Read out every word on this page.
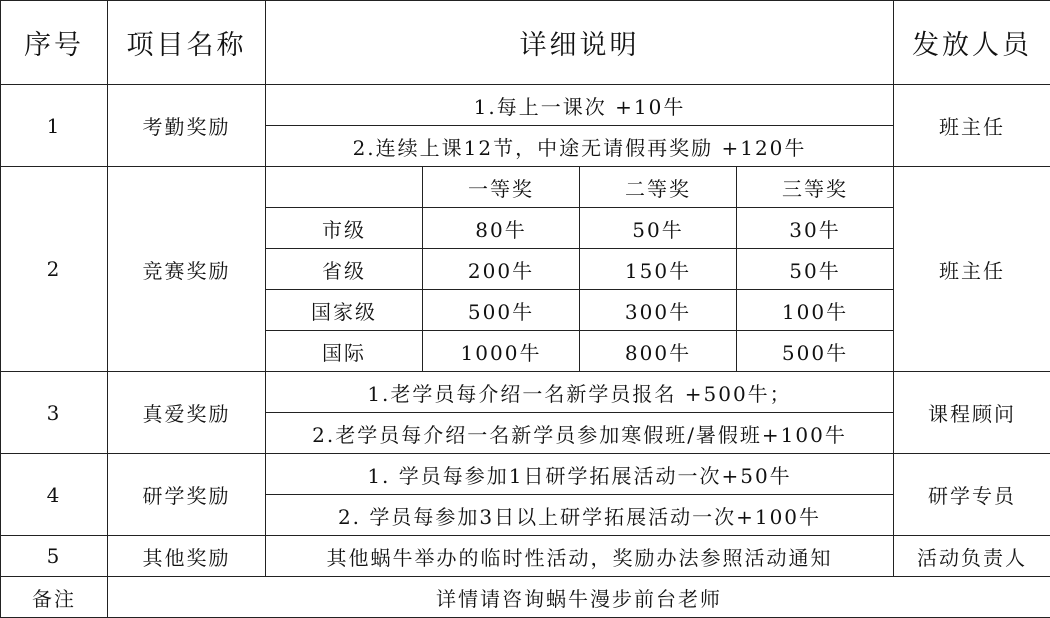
序号	项目名称	详细说明				发放人员
1	考勤奖励	1.每上一课次 +10牛				班主任
		2.连续上课12节，中途无请假再奖励 +120牛				
2	竞赛奖励		一等奖	二等奖	三等奖	班主任
		市级	80牛	50牛	30牛	
		省级	200牛	150牛	50牛	
		国家级	500牛	300牛	100牛	
		国际	1000牛	800牛	500牛	
3	真爱奖励	1.老学员每介绍一名新学员报名 +500牛；				课程顾问
		2.老学员每介绍一名新学员参加寒假班/暑假班+100牛				
4	研学奖励	1. 学员每参加1日研学拓展活动一次+50牛				研学专员
		2. 学员每参加3日以上研学拓展活动一次+100牛				
5	其他奖励	其他蜗牛举办的临时性活动，奖励办法参照活动通知				活动负责人
备注	详情请咨询蜗牛漫步前台老师					
